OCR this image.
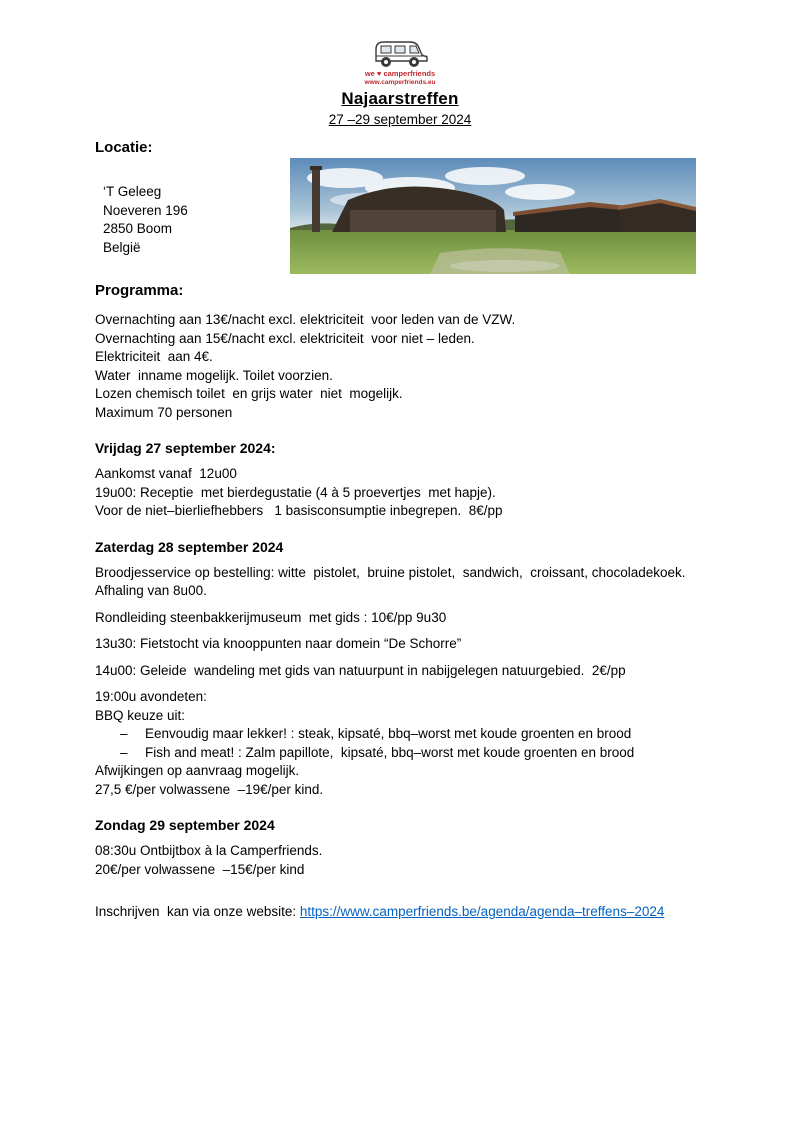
we ♥ camperfriends
www.camperfriends.eu
Najaarstreffen
27 –29 september 2024
Locatie:

‘T Geleeg

Noeveren 196

2850 Boom

België

Programma:

Overnachting aan 13€/nacht excl. elektriciteit  voor leden van de VZW.

Overnachting aan 15€/nacht excl. elektriciteit  voor niet – leden.

Elektriciteit  aan 4€.

Water  inname mogelijk. Toilet voorzien.

Lozen chemisch toilet  en grijs water  niet  mogelijk.

Maximum 70 personen

Vrijdag 27 september 2024:

Aankomst vanaf  12u00

19u00: Receptie  met bierdegustatie (4 à 5 proevertjes  met hapje).

Voor de niet–bierliefhebbers   1 basisconsumptie inbegrepen.  8€/pp

Zaterdag 28 september 2024

Broodjesservice op bestelling: witte  pistolet,  bruine pistolet,  sandwich,  croissant, chocoladekoek.  Afhaling van 8u00.

Rondleiding steenbakkerijmuseum  met gids : 10€/pp 9u30

13u30: Fietstocht via knooppunten naar domein “De Schorre”

14u00: Geleide  wandeling met gids van natuurpunt in nabijgelegen natuurgebied.  2€/pp

19:00u avondeten:

BBQ keuze uit:

–	Eenvoudig maar lekker! : steak, kipsaté, bbq–worst met koude groenten en brood
–	Fish and meat! : Zalm papillote,  kipsaté, bbq–worst met koude groenten en brood

Afwijkingen op aanvraag mogelijk.

27,5 €/per volwassene  –19€/per kind.

Zondag 29 september 2024

08:30u Ontbijtbox à la Camperfriends.

20€/per volwassene  –15€/per kind

Inschrijven  kan via onze website: https://www.camperfriends.be/agenda/agenda–treffens–2024
